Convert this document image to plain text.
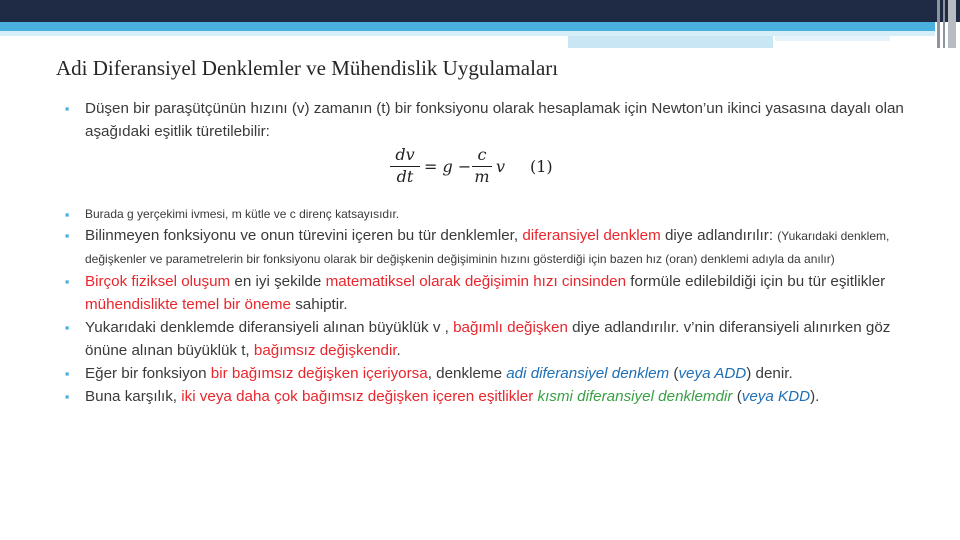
Adi Diferansiyel Denklemler ve Mühendislik Uygulamaları

▪	Düşen bir paraşütçünün hızını (v) zamanın (t) bir fonksiyonu olarak hesaplamak için Newton’un ikinci yasasına dayalı olan aşağıdaki eşitlik türetilebilir:

$\frac{dv}{dt} = g - \frac{c}{m}$ v (1)

▪	Burada g yerçekimi ivmesi, m kütle ve c direnç katsayısıdır.

▪	Bilinmeyen fonksiyonu ve onun türevini içeren bu tür denklemler, diferansiyel denklem diye adlandırılır: (Yukarıdaki denklem, değişkenler ve parametrelerin bir fonksiyonu olarak bir değişkenin değişiminin hızını gösterdiği için bazen hız (oran) denklemi adıyla da anılır)

▪	Birçok fiziksel oluşum en iyi şekilde matematiksel olarak değişimin hızı cinsinden formüle edilebildiği için bu tür eşitlikler mühendislikte temel bir öneme sahiptir.

▪	Yukarıdaki denklemde diferansiyeli alınan büyüklük v , bağımlı değişken diye adlandırılır. v’nin diferansiyeli alınırken göz önüne alınan büyüklük t, bağımsız değişkendir.

▪	Eğer bir fonksiyon bir bağımsız değişken içeriyorsa, denkleme adi diferansiyel denklem (veya ADD) denir.

▪	Buna karşılık, iki veya daha çok bağımsız değişken içeren eşitlikler kısmi diferansiyel denklemdir (veya KDD).
